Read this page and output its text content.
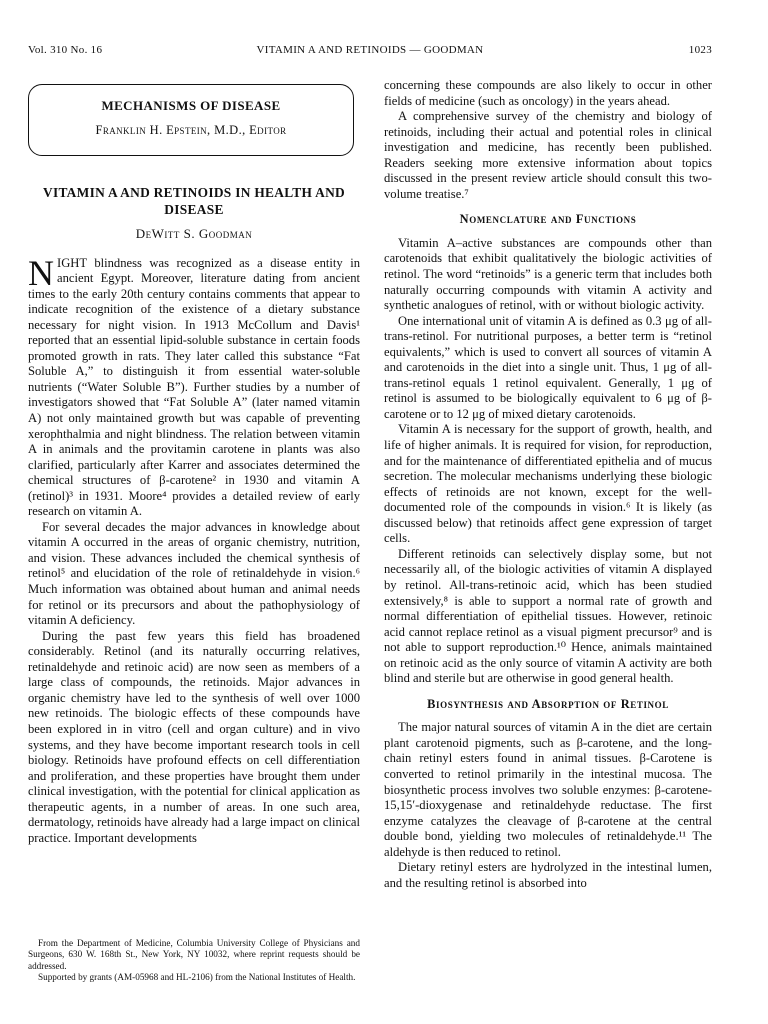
Vol. 310 No. 16	VITAMIN A AND RETINOIDS — GOODMAN	1023
MECHANISMS OF DISEASE
Franklin H. Epstein, M.D., Editor
VITAMIN A AND RETINOIDS IN HEALTH AND DISEASE
DeWitt S. Goodman

NIGHT blindness was recognized as a disease entity in ancient Egypt. Moreover, literature dating from ancient times to the early 20th century contains comments that appear to indicate recognition of the existence of a dietary substance necessary for night vision. In 1913 McCollum and Davis¹ reported that an essential lipid-soluble substance in certain foods promoted growth in rats. They later called this substance “Fat Soluble A,” to distinguish it from essential water-soluble nutrients (“Water Soluble B”). Further studies by a number of investigators showed that “Fat Soluble A” (later named vitamin A) not only maintained growth but was capable of preventing xerophthalmia and night blindness. The relation between vitamin A in animals and the provitamin carotene in plants was also clarified, particularly after Karrer and associates determined the chemical structures of β-carotene² in 1930 and vitamin A (retinol)³ in 1931. Moore⁴ provides a detailed review of early research on vitamin A.

For several decades the major advances in knowledge about vitamin A occurred in the areas of organic chemistry, nutrition, and vision. These advances included the chemical synthesis of retinol⁵ and elucidation of the role of retinaldehyde in vision.⁶ Much information was obtained about human and animal needs for retinol or its precursors and about the pathophysiology of vitamin A deficiency.

During the past few years this field has broadened considerably. Retinol (and its naturally occurring relatives, retinaldehyde and retinoic acid) are now seen as members of a large class of compounds, the retinoids. Major advances in organic chemistry have led to the synthesis of well over 1000 new retinoids. The biologic effects of these compounds have been explored in in vitro (cell and organ culture) and in vivo systems, and they have become important research tools in cell biology. Retinoids have profound effects on cell differentiation and proliferation, and these properties have brought them under clinical investigation, with the potential for clinical application as therapeutic agents, in a number of areas. In one such area, dermatology, retinoids have already had a large impact on clinical practice. Important developments

From the Department of Medicine, Columbia University College of Physicians and Surgeons, 630 W. 168th St., New York, NY 10032, where reprint requests should be addressed.

Supported by grants (AM-05968 and HL-2106) from the National Institutes of Health.

concerning these compounds are also likely to occur in other fields of medicine (such as oncology) in the years ahead.

A comprehensive survey of the chemistry and biology of retinoids, including their actual and potential roles in clinical investigation and medicine, has recently been published. Readers seeking more extensive information about topics discussed in the present review article should consult this two-volume treatise.⁷

Nomenclature and Functions

Vitamin A–active substances are compounds other than carotenoids that exhibit qualitatively the biologic activities of retinol. The word “retinoids” is a generic term that includes both naturally occurring compounds with vitamin A activity and synthetic analogues of retinol, with or without biologic activity.

One international unit of vitamin A is defined as 0.3 μg of all-trans-retinol. For nutritional purposes, a better term is “retinol equivalents,” which is used to convert all sources of vitamin A and carotenoids in the diet into a single unit. Thus, 1 μg of all-trans-retinol equals 1 retinol equivalent. Generally, 1 μg of retinol is assumed to be biologically equivalent to 6 μg of β-carotene or to 12 μg of mixed dietary carotenoids.

Vitamin A is necessary for the support of growth, health, and life of higher animals. It is required for vision, for reproduction, and for the maintenance of differentiated epithelia and of mucus secretion. The molecular mechanisms underlying these biologic effects of retinoids are not known, except for the well-documented role of the compounds in vision.⁶ It is likely (as discussed below) that retinoids affect gene expression of target cells.

Different retinoids can selectively display some, but not necessarily all, of the biologic activities of vitamin A displayed by retinol. All-trans-retinoic acid, which has been studied extensively,⁸ is able to support a normal rate of growth and normal differentiation of epithelial tissues. However, retinoic acid cannot replace retinol as a visual pigment precursor⁹ and is not able to support reproduction.¹⁰ Hence, animals maintained on retinoic acid as the only source of vitamin A activity are both blind and sterile but are otherwise in good general health.

Biosynthesis and Absorption of Retinol

The major natural sources of vitamin A in the diet are certain plant carotenoid pigments, such as β-carotene, and the long-chain retinyl esters found in animal tissues. β-Carotene is converted to retinol primarily in the intestinal mucosa. The biosynthetic process involves two soluble enzymes: β-carotene-15,15′-dioxygenase and retinaldehyde reductase. The first enzyme catalyzes the cleavage of β-carotene at the central double bond, yielding two molecules of retinaldehyde.¹¹ The aldehyde is then reduced to retinol.

Dietary retinyl esters are hydrolyzed in the intestinal lumen, and the resulting retinol is absorbed into
